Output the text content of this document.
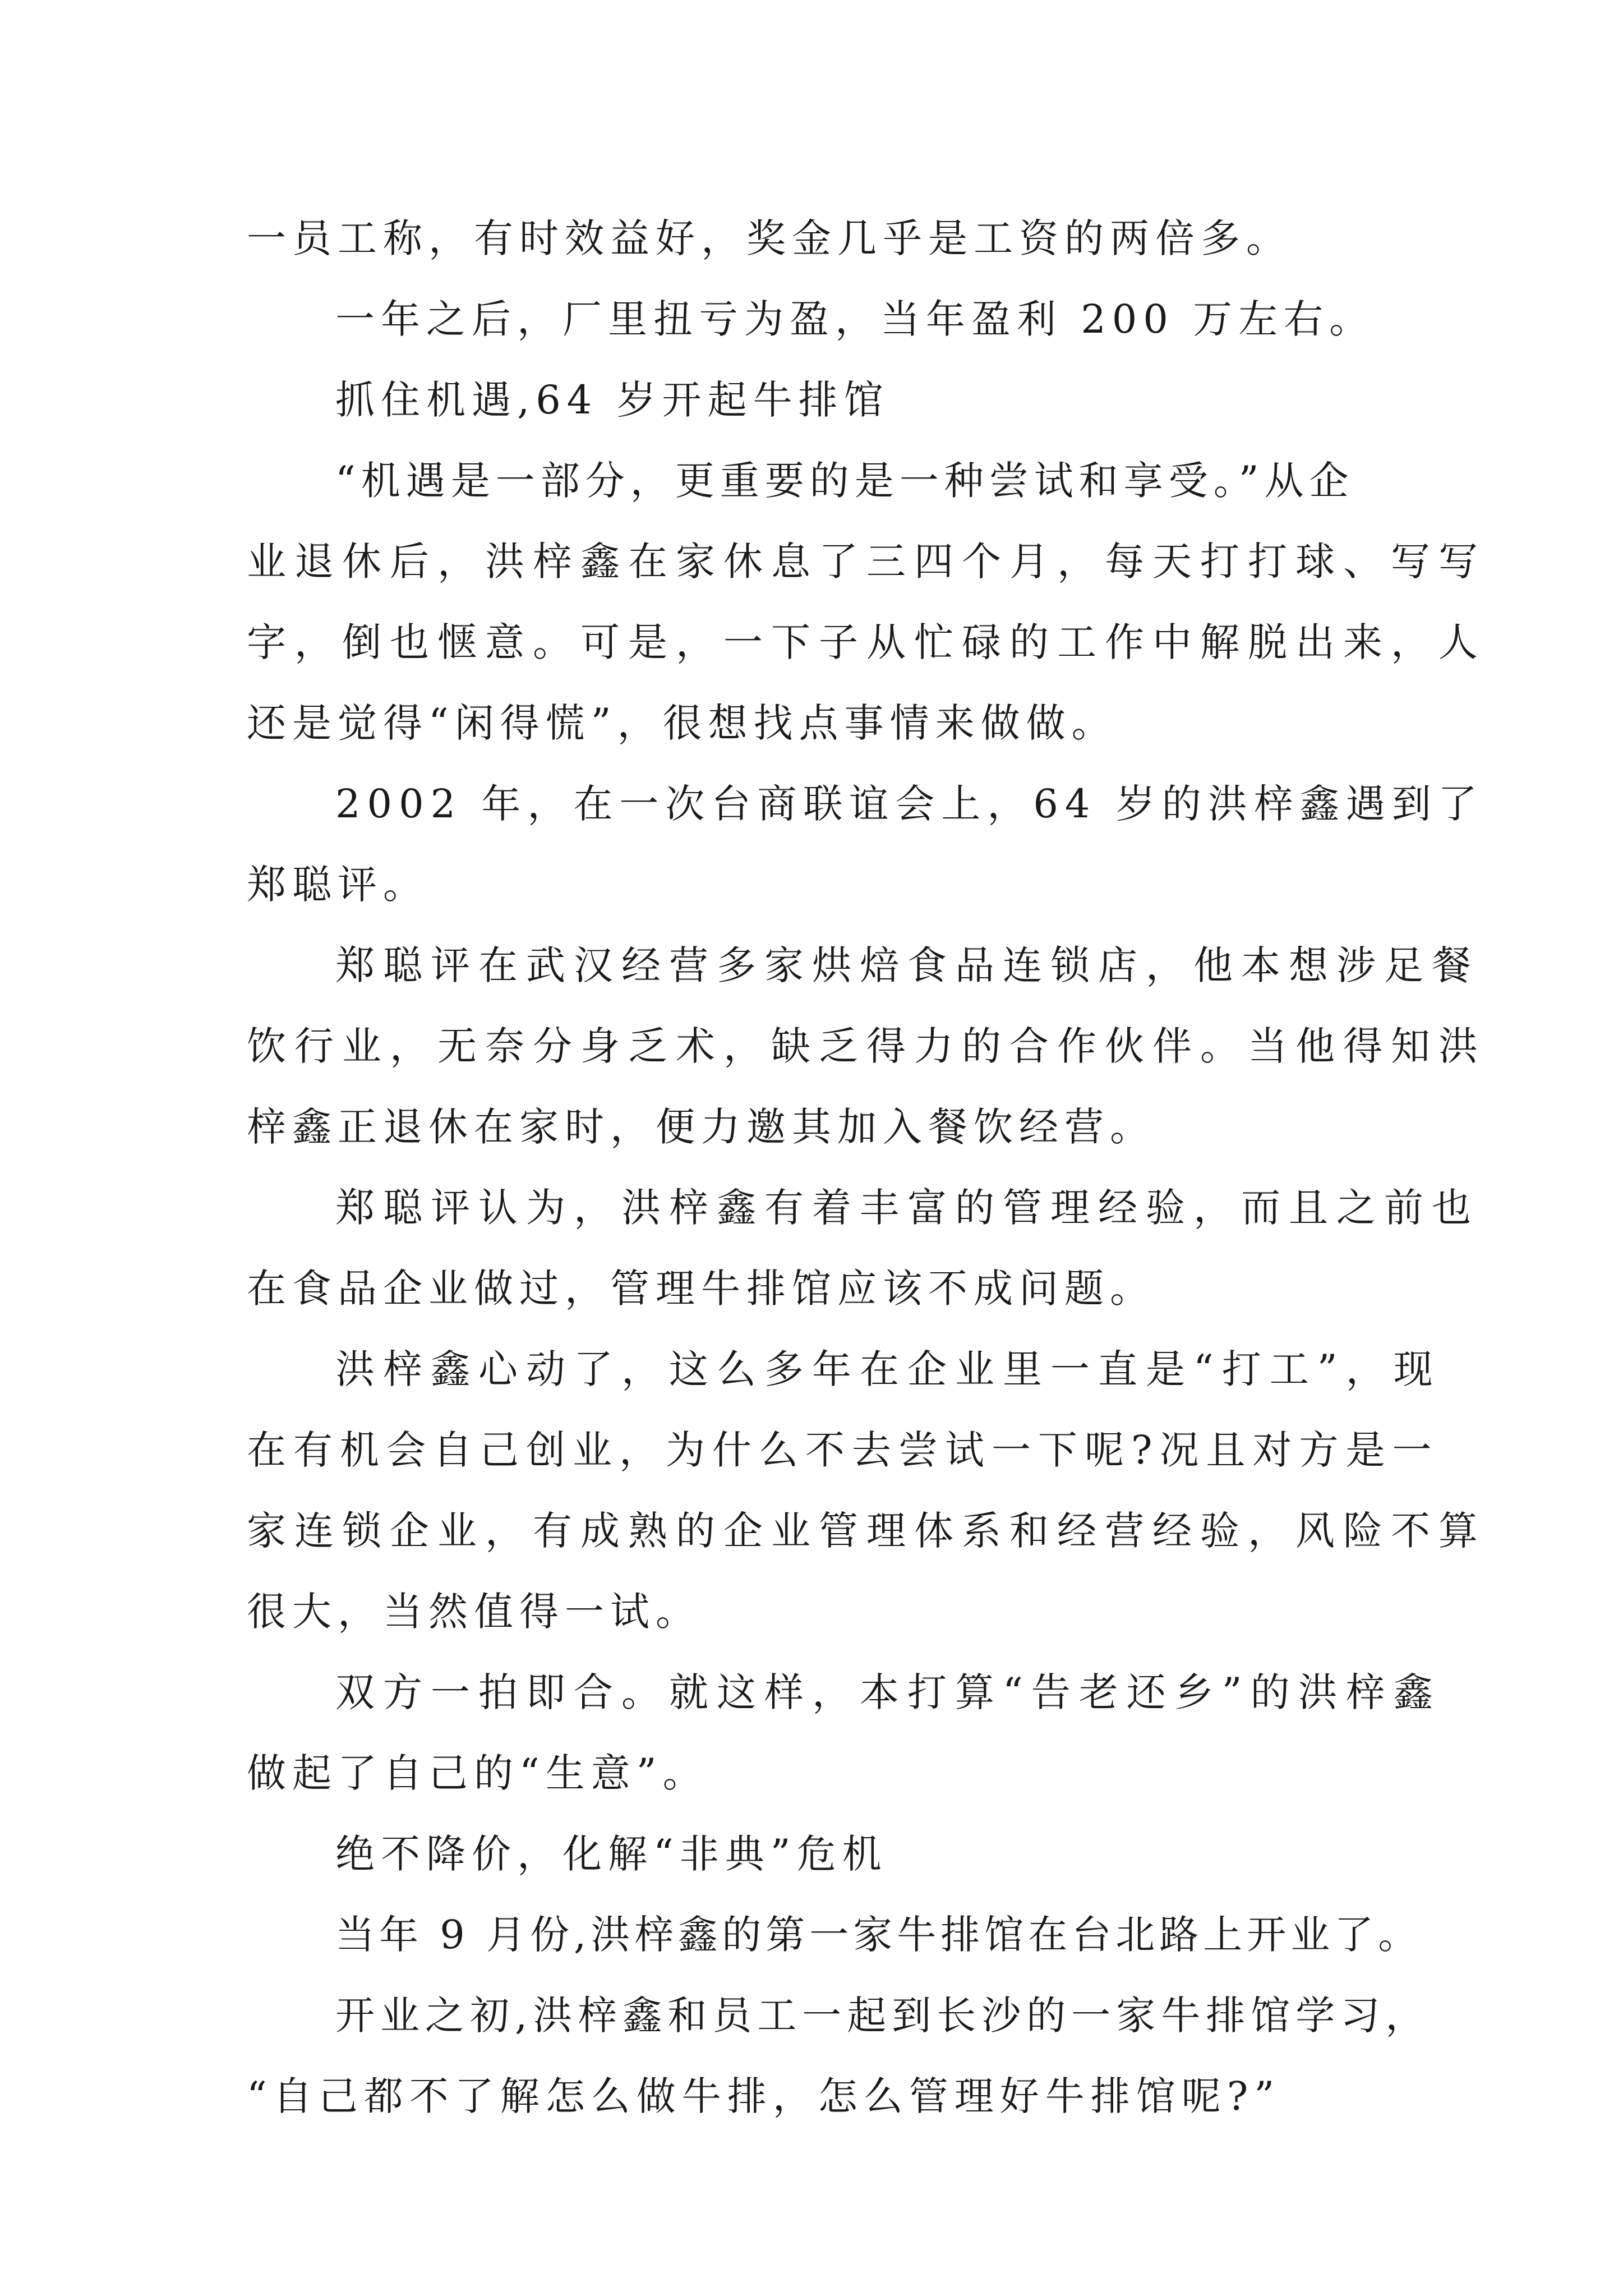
一员工称，有时效益好，奖金几乎是工资的两倍多。
一年之后，厂里扭亏为盈，当年盈利 200 万左右。
抓住机遇,64 岁开起牛排馆
“机遇是一部分，更重要的是一种尝试和享受。”从企
业退休后，洪梓鑫在家休息了三四个月，每天打打球、写写
字，倒也惬意。可是，一下子从忙碌的工作中解脱出来，人
还是觉得“闲得慌”，很想找点事情来做做。
2002 年，在一次台商联谊会上，64 岁的洪梓鑫遇到了
郑聪评。
郑聪评在武汉经营多家烘焙食品连锁店，他本想涉足餐
饮行业，无奈分身乏术，缺乏得力的合作伙伴。当他得知洪
梓鑫正退休在家时，便力邀其加入餐饮经营。
郑聪评认为，洪梓鑫有着丰富的管理经验，而且之前也
在食品企业做过，管理牛排馆应该不成问题。
洪梓鑫心动了，这么多年在企业里一直是“打工”，现
在有机会自己创业，为什么不去尝试一下呢?况且对方是一
家连锁企业，有成熟的企业管理体系和经营经验，风险不算
很大，当然值得一试。
双方一拍即合。就这样，本打算“告老还乡”的洪梓鑫
做起了自己的“生意”。
绝不降价，化解“非典”危机
当年 9 月份,洪梓鑫的第一家牛排馆在台北路上开业了。
开业之初,洪梓鑫和员工一起到长沙的一家牛排馆学习，
“自己都不了解怎么做牛排，怎么管理好牛排馆呢?”
